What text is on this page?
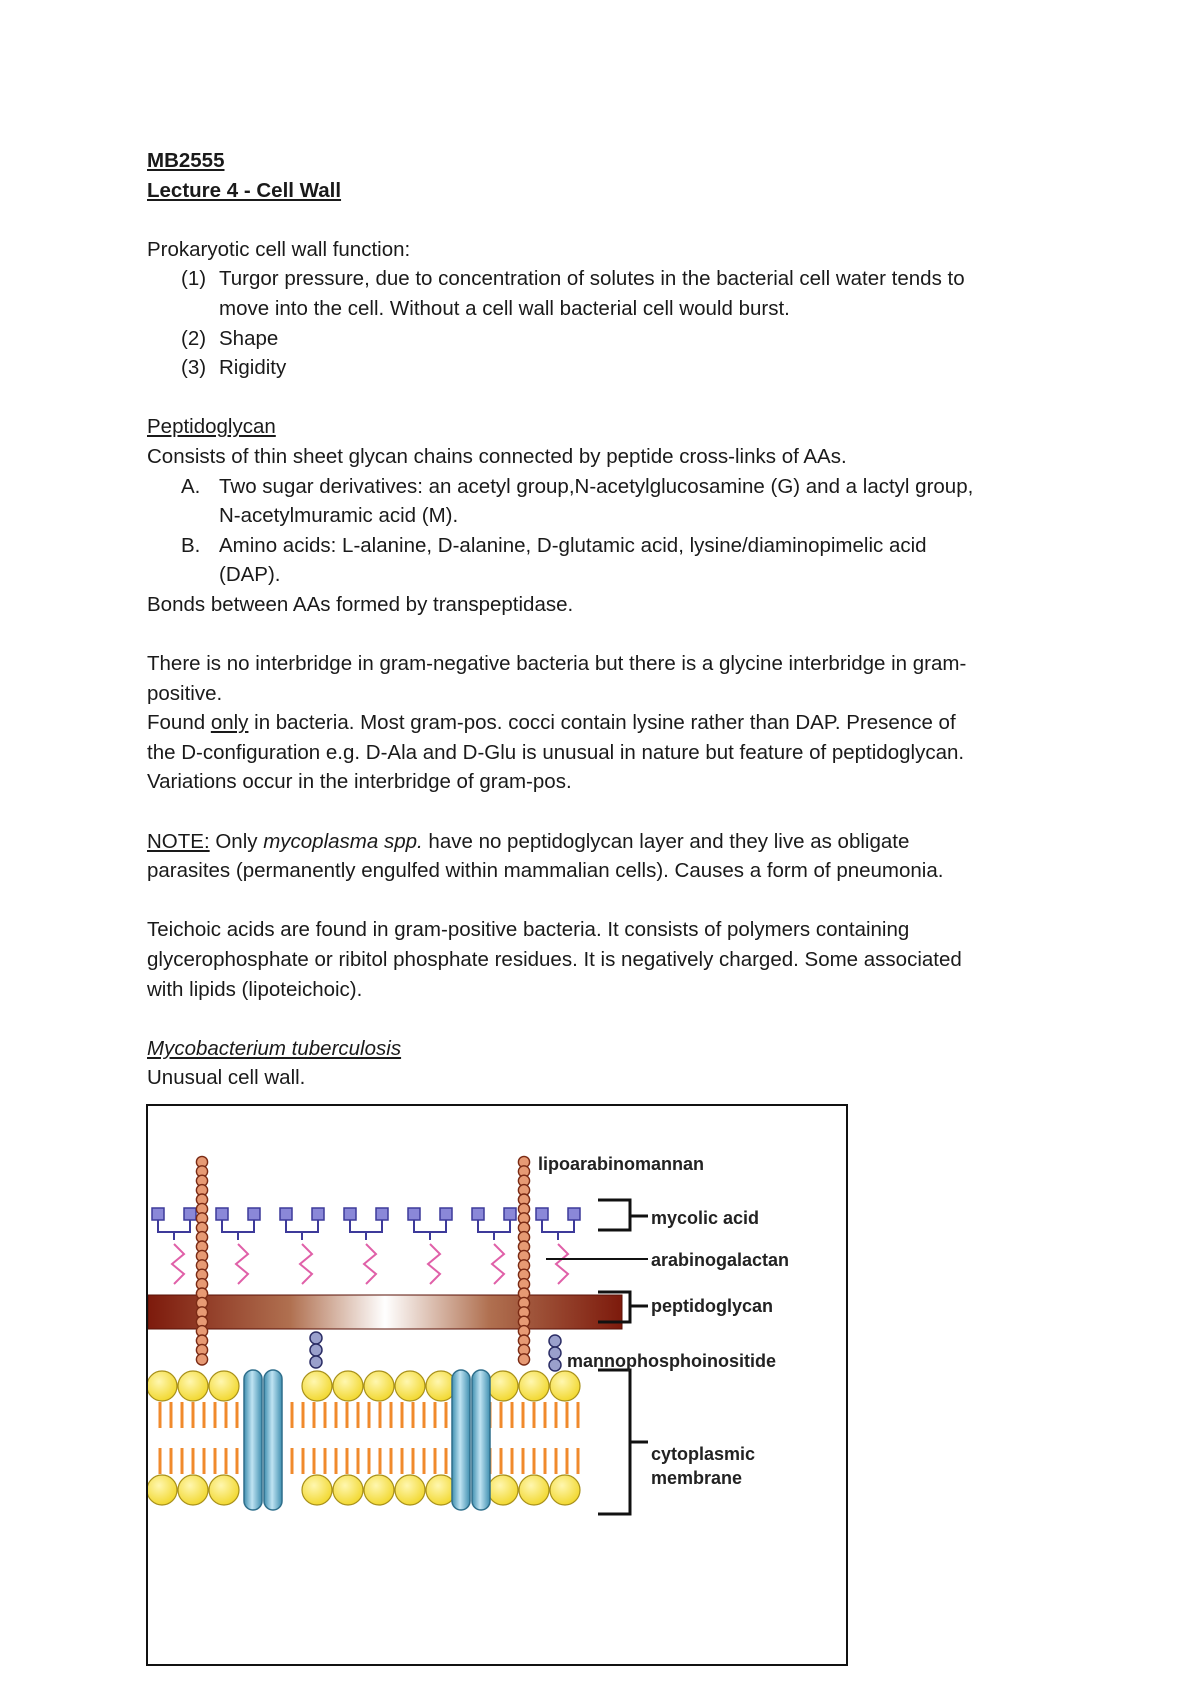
MB2555
Lecture 4 - Cell Wall
Prokaryotic cell wall function:
(1) Turgor pressure, due to concentration of solutes in the bacterial cell water tends to
move into the cell. Without a cell wall bacterial cell would burst.
(2) Shape
(3) Rigidity
Peptidoglycan
Consists of thin sheet glycan chains connected by peptide cross-links of AAs.
A. Two sugar derivatives: an acetyl group,N-acetylglucosamine (G) and a lactyl group,
N-acetylmuramic acid (M).
B. Amino acids: L-alanine, D-alanine, D-glutamic acid, lysine/diaminopimelic acid
(DAP).
Bonds between AAs formed by transpeptidase.
There is no interbridge in gram-negative bacteria but there is a glycine interbridge in gram-
positive.
Found only in bacteria. Most gram-pos. cocci contain lysine rather than DAP. Presence of
the D-configuration e.g. D-Ala and D-Glu is unusual in nature but feature of peptidoglycan.
Variations occur in the interbridge of gram-pos.
NOTE: Only mycoplasma spp. have no peptidoglycan layer and they live as obligate
parasites (permanently engulfed within mammalian cells). Causes a form of pneumonia.
Teichoic acids are found in gram-positive bacteria. It consists of polymers containing
glycerophosphate or ribitol phosphate residues. It is negatively charged. Some associated
with lipids (lipoteichoic).
Mycobacterium tuberculosis
Unusual cell wall.
lipoarabinomannan
mycolic acid
arabinogalactan
peptidoglycan
mannophosphoinositide
cytoplasmic
membrane
